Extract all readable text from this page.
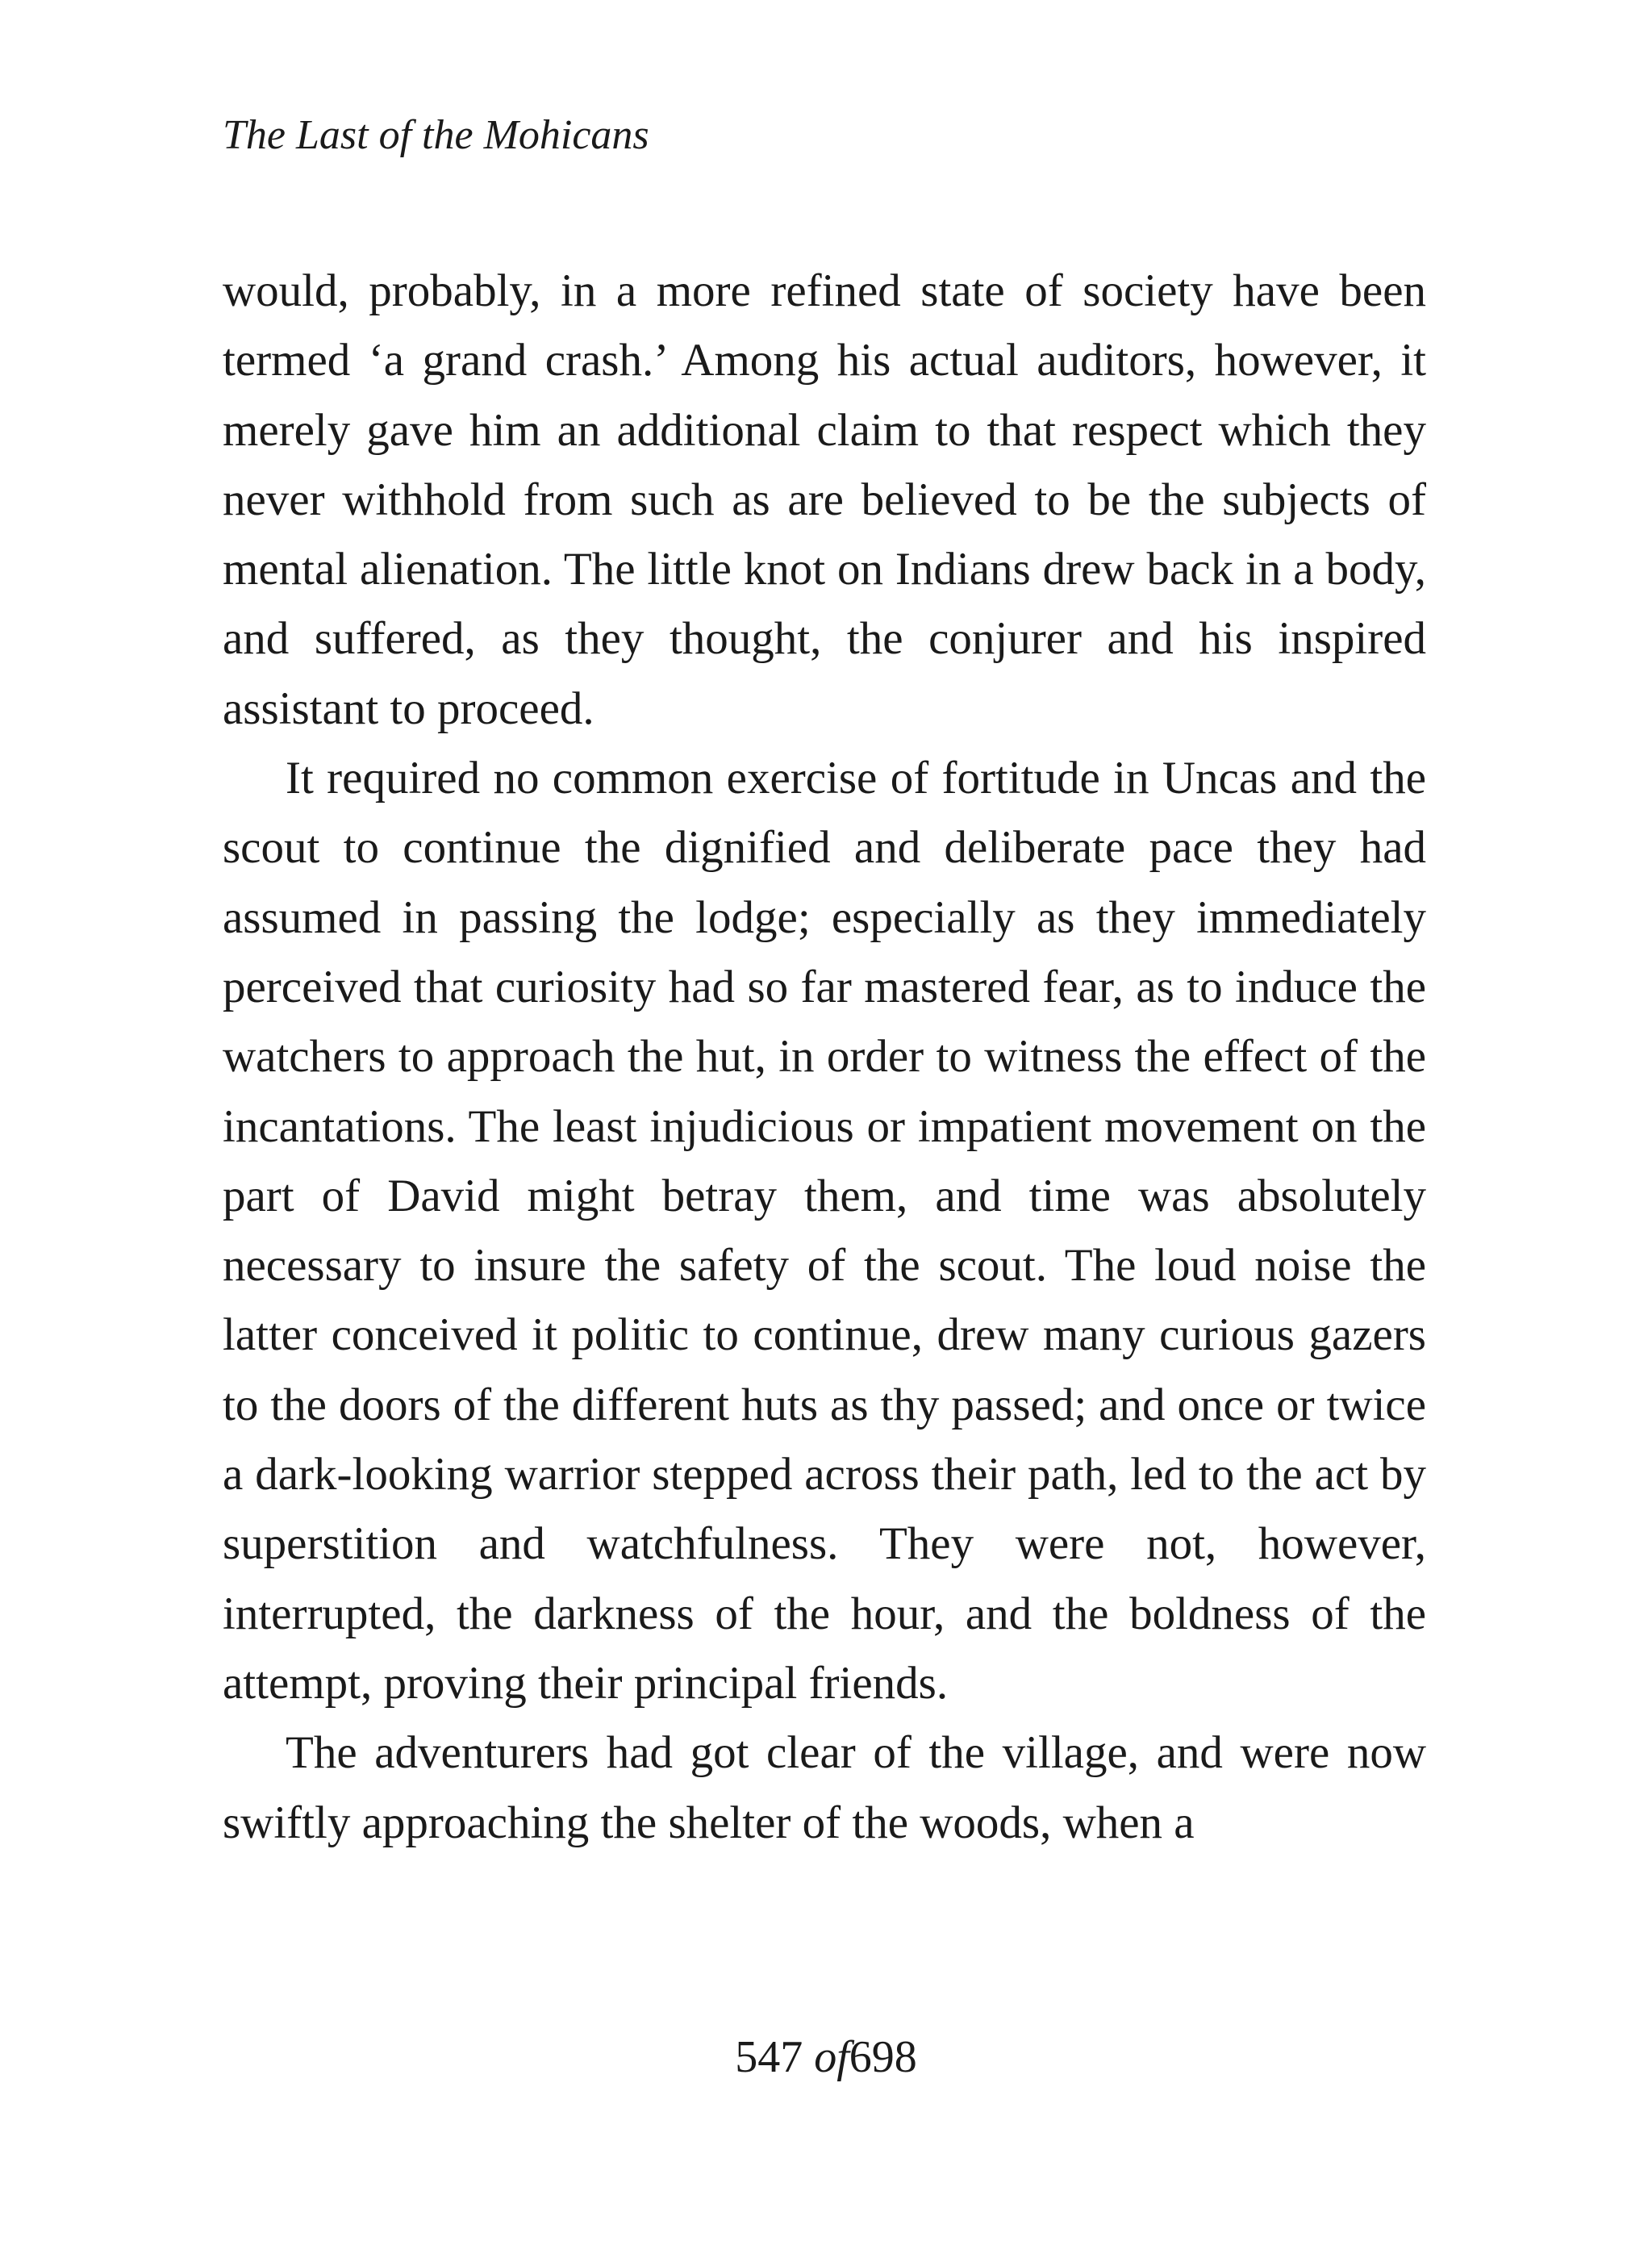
The Last of the Mohicans

would, probably, in a more refined state of society have been termed ‘a grand crash.’ Among his actual auditors, however, it merely gave him an additional claim to that respect which they never withhold from such as are believed to be the subjects of mental alienation. The little knot on Indians drew back in a body, and suffered, as they thought, the conjurer and his inspired assistant to proceed.

It required no common exercise of fortitude in Uncas and the scout to continue the dignified and deliberate pace they had assumed in passing the lodge; especially as they immediately perceived that curiosity had so far mastered fear, as to induce the watchers to approach the hut, in order to witness the effect of the incantations. The least injudicious or impatient movement on the part of David might betray them, and time was absolutely necessary to insure the safety of the scout. The loud noise the latter conceived it politic to continue, drew many curious gazers to the doors of the different huts as thy passed; and once or twice a dark-looking warrior stepped across their path, led to the act by superstition and watchfulness. They were not, however, interrupted, the darkness of the hour, and the boldness of the attempt, proving their principal friends.

The adventurers had got clear of the village, and were now swiftly approaching the shelter of the woods, when a

547 of698
